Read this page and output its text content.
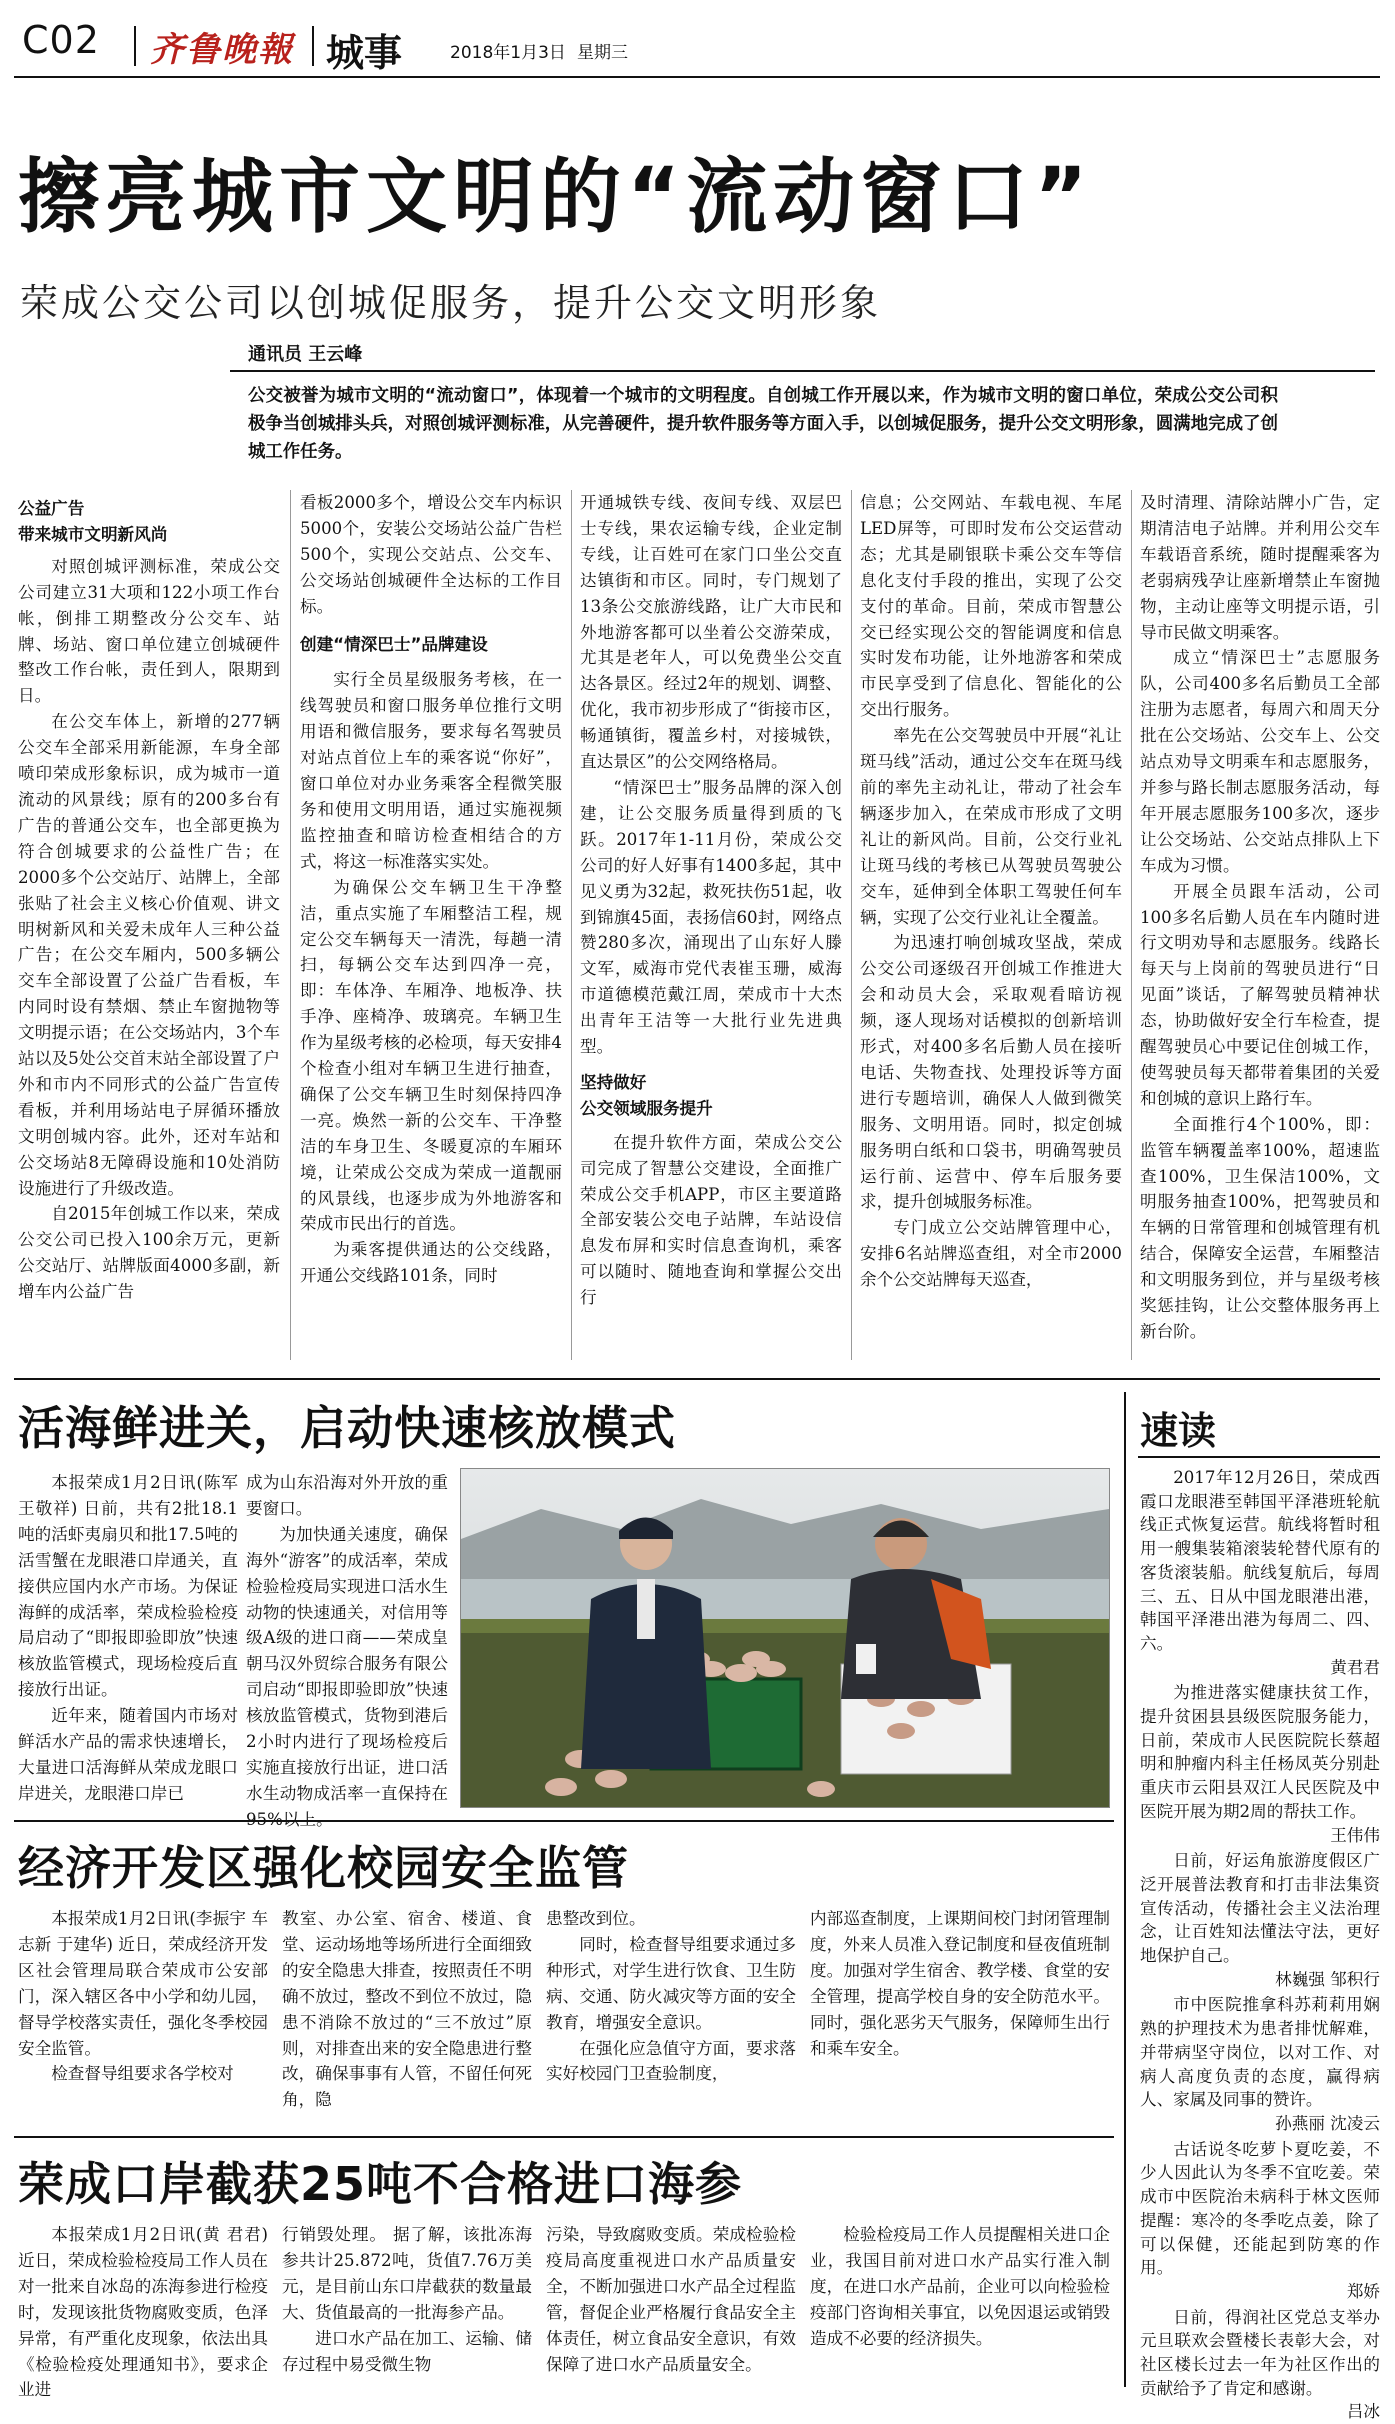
C02 齐鲁晚報 城事	2018年1月3日 星期三
擦亮城市文明的“流动窗口”
荣成公交公司以创城促服务，提升公交文明形象
通讯员 王云峰
公交被誉为城市文明的“流动窗口”，体现着一个城市的文明程度。自创城工作开展以来，作为城市文明的窗口单位，荣成公交公司积极争当创城排头兵，对照创城评测标准，从完善硬件，提升软件服务等方面入手，以创城促服务，提升公交文明形象，圆满地完成了创城工作任务。

公益广告

带来城市文明新风尚

对照创城评测标准，荣成公交公司建立31大项和122小项工作台帐，倒排工期整改分公交车、站牌、场站、窗口单位建立创城硬件整改工作台帐，责任到人，限期到日。

在公交车体上，新增的277辆公交车全部采用新能源，车身全部喷印荣成形象标识，成为城市一道流动的风景线；原有的200多台有广告的普通公交车，也全部更换为符合创城要求的公益性广告；在2000多个公交站厅、站牌上，全部张贴了社会主义核心价值观、讲文明树新风和关爱未成年人三种公益广告；在公交车厢内，500多辆公交车全部设置了公益广告看板，车内同时设有禁烟、禁止车窗抛物等文明提示语；在公交场站内，3个车站以及5处公交首末站全部设置了户外和市内不同形式的公益广告宣传看板，并利用场站电子屏循环播放文明创城内容。此外，还对车站和公交场站8无障碍设施和10处消防设施进行了升级改造。

自2015年创城工作以来，荣成公交公司已投入100余万元，更新公交站厅、站牌版面4000多副，新增车内公益广告

看板2000多个，增设公交车内标识5000个，安装公交场站公益广告栏500个，实现公交站点、公交车、公交场站创城硬件全达标的工作目标。

创建“情深巴士”品牌建设

实行全员星级服务考核，在一线驾驶员和窗口服务单位推行文明用语和微信服务，要求每名驾驶员对站点首位上车的乘客说“你好”，窗口单位对办业务乘客全程微笑服务和使用文明用语，通过实施视频监控抽查和暗访检查相结合的方式，将这一标准落实实处。

为确保公交车辆卫生干净整洁，重点实施了车厢整洁工程，规定公交车辆每天一清洗，每趟一清扫，每辆公交车达到四净一亮，即：车体净、车厢净、地板净、扶手净、座椅净、玻璃亮。车辆卫生作为星级考核的必检项，每天安排4个检查小组对车辆卫生进行抽查，确保了公交车辆卫生时刻保持四净一亮。焕然一新的公交车、干净整洁的车身卫生、冬暖夏凉的车厢环境，让荣成公交成为荣成一道靓丽的风景线，也逐步成为外地游客和荣成市民出行的首选。

为乘客提供通达的公交线路，开通公交线路101条，同时

开通城铁专线、夜间专线、双层巴士专线，果农运输专线，企业定制专线，让百姓可在家门口坐公交直达镇街和市区。同时，专门规划了13条公交旅游线路，让广大市民和外地游客都可以坐着公交游荣成，尤其是老年人，可以免费坐公交直达各景区。经过2年的规划、调整、优化，我市初步形成了“街接市区，畅通镇街，覆盖乡村，对接城铁，直达景区”的公交网络格局。

“情深巴士”服务品牌的深入创建，让公交服务质量得到质的飞跃。2017年1-11月份，荣成公交公司的好人好事有1400多起，其中见义勇为32起，救死扶伤51起，收到锦旗45面，表扬信60封，网络点赞280多次，涌现出了山东好人滕文军，威海市党代表崔玉珊，威海市道德模范戴江周，荣成市十大杰出青年王洁等一大批行业先进典型。

坚持做好

公交领域服务提升

在提升软件方面，荣成公交公司完成了智慧公交建设，全面推广荣成公交手机APP，市区主要道路全部安装公交电子站牌，车站设信息发布屏和实时信息查询机，乘客可以随时、随地查询和掌握公交出行

信息；公交网站、车载电视、车尾LED屏等，可即时发布公交运营动态；尤其是刷银联卡乘公交车等信息化支付手段的推出，实现了公交支付的革命。目前，荣成市智慧公交已经实现公交的智能调度和信息实时发布功能，让外地游客和荣成市民享受到了信息化、智能化的公交出行服务。

率先在公交驾驶员中开展“礼让斑马线”活动，通过公交车在斑马线前的率先主动礼让，带动了社会车辆逐步加入，在荣成市形成了文明礼让的新风尚。目前，公交行业礼让斑马线的考核已从驾驶员驾驶公交车，延伸到全体职工驾驶任何车辆，实现了公交行业礼让全覆盖。

为迅速打响创城攻坚战，荣成公交公司逐级召开创城工作推进大会和动员大会，采取观看暗访视频，逐人现场对话模拟的创新培训形式，对400多名后勤人员在接听电话、失物查找、处理投诉等方面进行专题培训，确保人人做到微笑服务、文明用语。同时，拟定创城服务明白纸和口袋书，明确驾驶员运行前、运营中、停车后服务要求，提升创城服务标准。

专门成立公交站牌管理中心，安排6名站牌巡查组，对全市2000余个公交站牌每天巡查，

及时清理、清除站牌小广告，定期清洁电子站牌。并利用公交车车载语音系统，随时提醒乘客为老弱病残孕让座新增禁止车窗抛物，主动让座等文明提示语，引导市民做文明乘客。

成立“情深巴士”志愿服务队，公司400多名后勤员工全部注册为志愿者，每周六和周天分批在公交场站、公交车上、公交站点劝导文明乘车和志愿服务，并参与路长制志愿服务活动，每年开展志愿服务100多次，逐步让公交场站、公交站点排队上下车成为习惯。

开展全员跟车活动，公司100多名后勤人员在车内随时进行文明劝导和志愿服务。线路长每天与上岗前的驾驶员进行“日见面”谈话，了解驾驶员精神状态，协助做好安全行车检查，提醒驾驶员心中要记住创城工作，使驾驶员每天都带着集团的关爱和创城的意识上路行车。

全面推行4个100%，即：监管车辆覆盖率100%，超速监查100%，卫生保洁100%，文明服务抽查100%，把驾驶员和车辆的日常管理和创城管理有机结合，保障安全运营，车厢整洁和文明服务到位，并与星级考核奖惩挂钩，让公交整体服务再上新台阶。

活海鲜进关，启动快速核放模式

本报荣成1月2日讯(陈军 王敬祥) 日前，共有2批18.1吨的活虾夷扇贝和批17.5吨的活雪蟹在龙眼港口岸通关，直接供应国内水产市场。为保证海鲜的成活率，荣成检验检疫局启动了“即报即验即放”快速核放监管模式，现场检疫后直接放行出证。

近年来，随着国内市场对鲜活水产品的需求快速增长，大量进口活海鲜从荣成龙眼口岸进关，龙眼港口岸已

成为山东沿海对外开放的重要窗口。

为加快通关速度，确保海外“游客”的成活率，荣成检验检疫局实现进口活水生动物的快速通关，对信用等级A级的进口商——荣成皇朝马汉外贸综合服务有限公司启动“即报即验即放”快速核放监管模式，货物到港后2小时内进行了现场检疫后实施直接放行出证，进口活水生动物成活率一直保持在

经济开发区强化校园安全监管

本报荣成1月2日讯(李振宇 车志新 于建华) 近日，荣成经济开发区社会管理局联合荣成市公安部门，深入辖区各中小学和幼儿园，督导学校落实责任，强化冬季校园安全监管。

检查督导组要求各学校对

教室、办公室、宿舍、楼道、食堂、运动场地等场所进行全面细致的安全隐患大排查，按照责任不明确不放过，整改不到位不放过，隐患不消除不放过的“三不放过”原则，对排查出来的安全隐患进行整改，确保事事有人管，不留任何死角，隐

患整改到位。

同时，检查督导组要求通过多种形式，对学生进行饮食、卫生防病、交通、防火减灾等方面的安全教育，增强安全意识。

在强化应急值守方面，要求落实好校园门卫查验制度，

内部巡查制度，上课期间校门封闭管理制度，外来人员准入登记制度和昼夜值班制度。加强对学生宿舍、教学楼、食堂的安全管理，提高学校自身的安全防范水平。同时，强化恶劣天气服务，保障师生出行和乘车安全。

荣成口岸截获25吨不合格进口海参

本报荣成1月2日讯(黄 君君) 近日，荣成检验检疫局工作人员在对一批来自冰岛的冻海参进行检疫时，发现该批货物腐败变质，色泽异常，有严重化皮现象，依法出具《检验检疫处理通知书》，要求企业进

行销毁处理。 据了解，该批冻海参共计25.872吨，货值7.76万美元，是目前山东口岸截获的数量最大、货值最高的一批海参产品。

进口水产品在加工、运输、储存过程中易受微生物

污染，导致腐败变质。荣成检验检疫局高度重视进口水产品质量安全，不断加强进口水产品全过程监管，督促企业严格履行食品安全主体责任，树立食品安全意识，有效保障了进口水产品质量安全。

检验检疫局工作人员提醒相关进口企业，我国目前对进口水产品实行准入制度，在进口水产品前，企业可以向检验检疫部门咨询相关事宜，以免因退运或销毁造成不必要的经济损失。

速读

2017年12月26日，荣成西霞口龙眼港至韩国平泽港班轮航线正式恢复运营。航线将暂时租用一艘集装箱滚装轮替代原有的客货滚装船。航线复航后，每周三、五、日从中国龙眼港出港，韩国平泽港出港为每周二、四、六。

黄君君

为推进落实健康扶贫工作，提升贫困县县级医院服务能力，日前，荣成市人民医院院长蔡超明和肿瘤内科主任杨凤英分别赴重庆市云阳县双江人民医院及中医院开展为期2周的帮扶工作。

王伟伟

日前，好运角旅游度假区广泛开展普法教育和打击非法集资宣传活动，传播社会主义法治理念，让百姓知法懂法守法，更好地保护自己。

林巍强 邹积行

市中医院推拿科苏莉莉用娴熟的护理技术为患者排忧解难，并带病坚守岗位，以对工作、对病人高度负责的态度，赢得病人、家属及同事的赞许。

孙燕丽 沈凌云

古话说冬吃萝卜夏吃姜，不少人因此认为冬季不宜吃姜。荣成市中医院治未病科于林文医师提醒：寒冷的冬季吃点姜，除了可以保健，还能起到防寒的作用。

郑娇

日前，得润社区党总支举办元旦联欢会暨楼长表彰大会，对社区楼长过去一年为社区作出的贡献给予了肯定和感谢。

吕冰
